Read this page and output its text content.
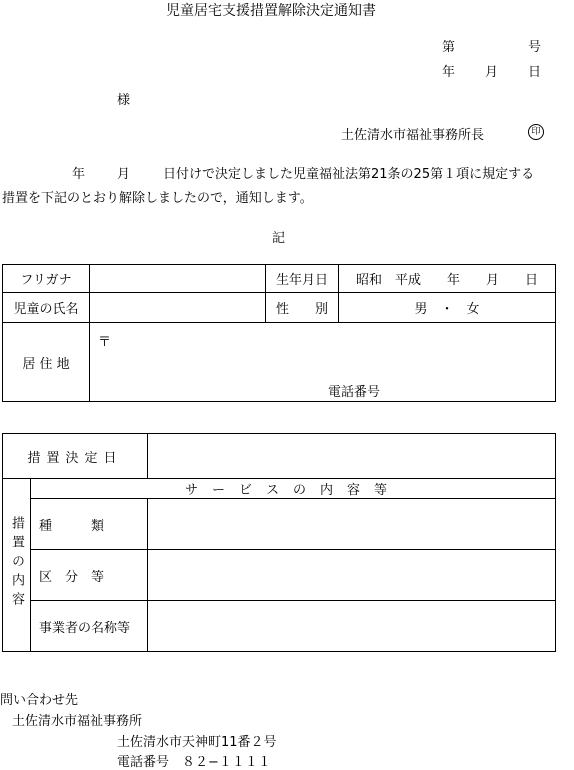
児童居宅支援措置解除決定通知書
第	号
年 月 日
様
土佐清水市福祉事務所長	印
年 月	日付けで決定しました児童福祉法第21条の25第１項に規定する
措置を下記のとおり解除しましたので，通知します。
記
フリガナ		生年月日	昭和　平成　　年　　月　　日
児童の氏名		性　　別	男　・　女
居 住 地	〒
電話番号		
措置決定日		
措置の内容	サービスの内容等	
	種　　　類	
	区　分　等	
	事業者の名称等	
問い合わせ先
土佐清水市福祉事務所
土佐清水市天神町11番２号
電話番号　８２−１１１１
